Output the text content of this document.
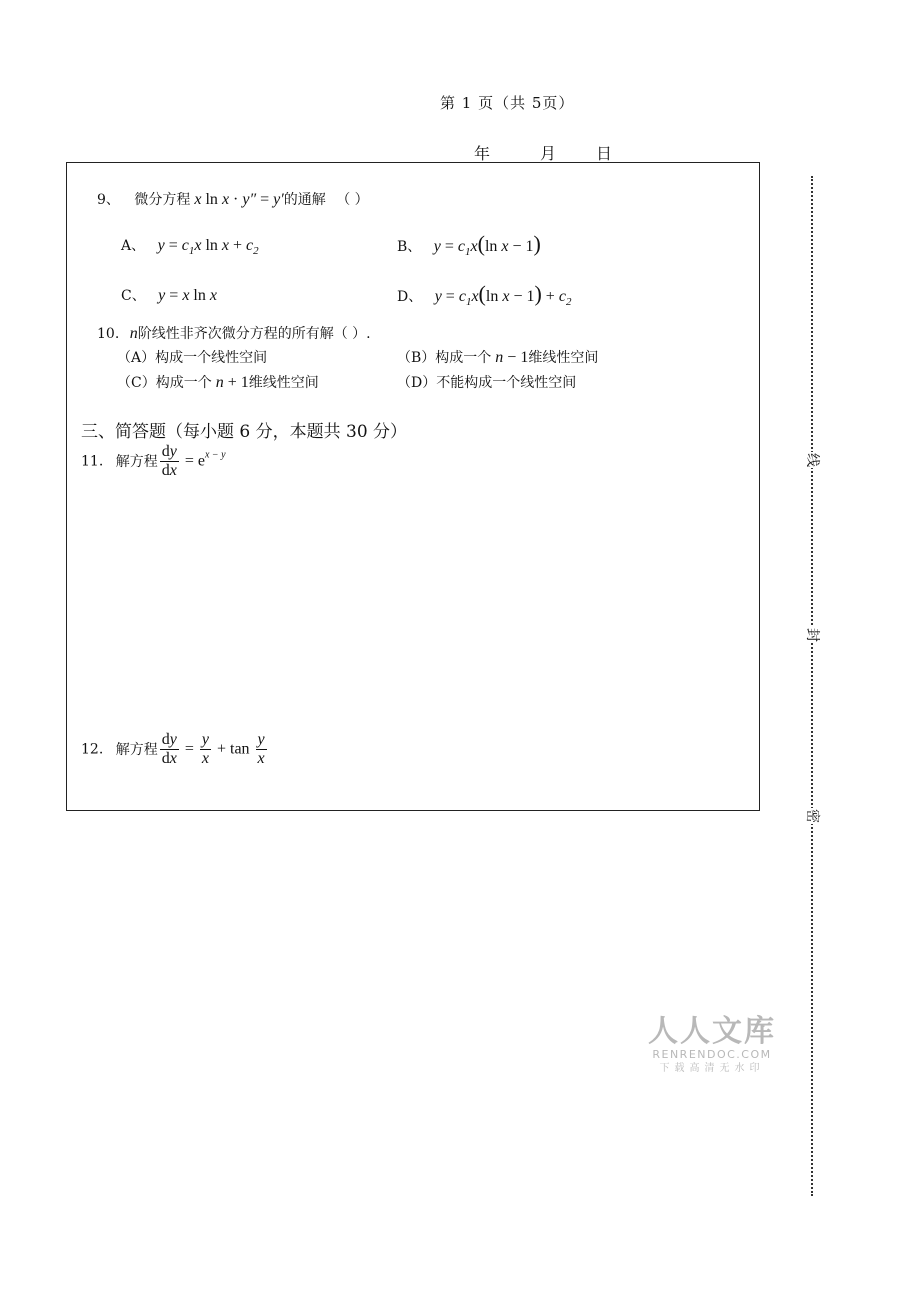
第 1 页（共 5页）
年	月 日
9、 微分方程 x ln x · y″ = y′的通解 （ ）
A、 $y = c_1x$ $\ln x + c_2$	B、 $y = c_1x(\ln$ x − 1)
C、 y = x ln x	D、 $y = c_1x(\ln$ $x - 1) + c_2$
10. n阶线性非齐次微分方程的所有解（ ）.
（A）构成一个线性空间	（B）构成一个 n − 1维线性空间
（C）构成一个 n + 1维线性空间	（D）不能构成一个线性空间
三、简答题（每小题 6 分，本题共 30 分）
11. 解方程 $\frac{dy}{dx} = e^{x - y}$
12. 解方程 $\frac{dy}{dx} = \frac{y}{x} + \tan \frac{y}{x}$
线
封
密
人人文库
RENRENDOC.COM
下载高清无水印
